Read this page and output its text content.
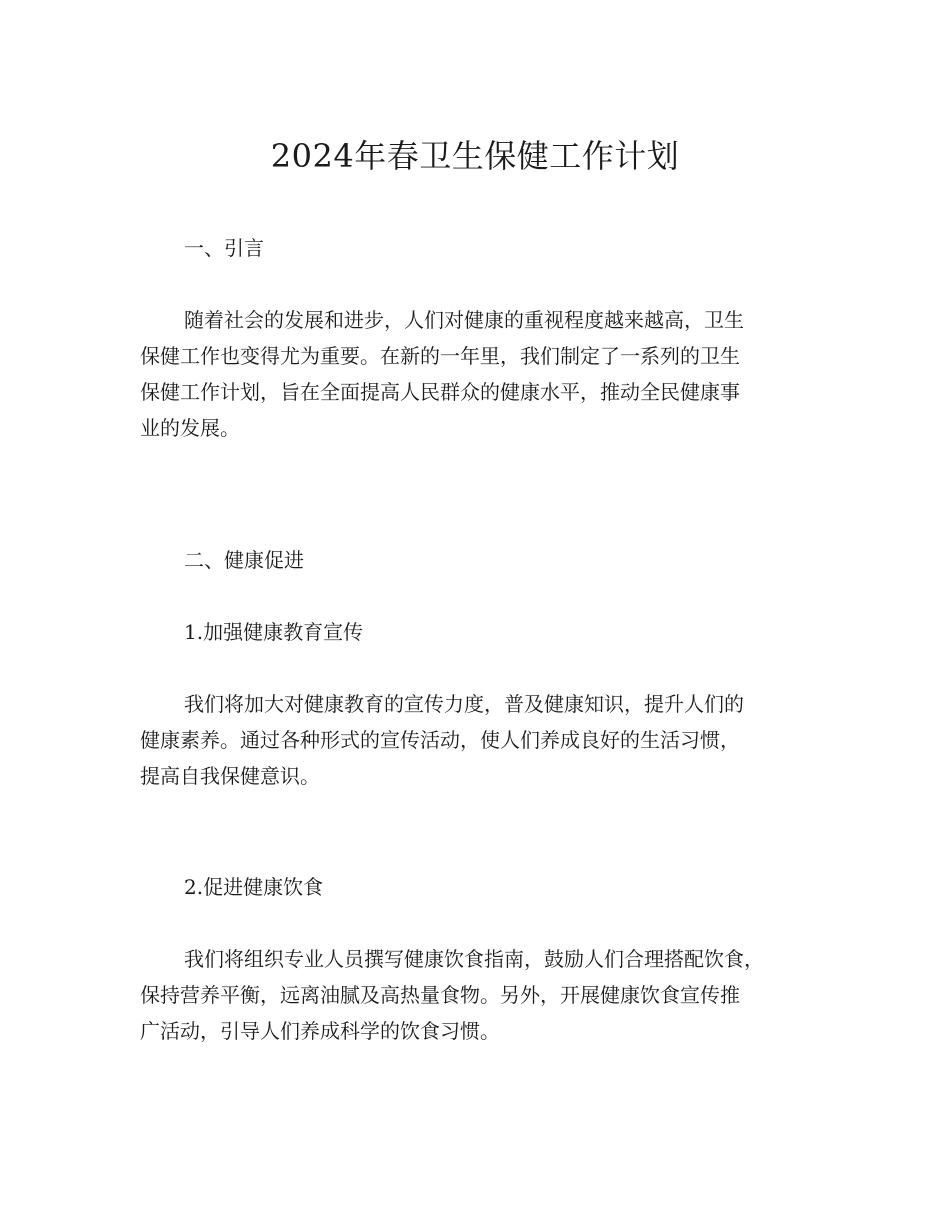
2024年春卫生保健工作计划
一、引言
随着社会的发展和进步，人们对健康的重视程度越来越高，卫生
保健工作也变得尤为重要。在新的一年里，我们制定了一系列的卫生
保健工作计划，旨在全面提高人民群众的健康水平，推动全民健康事
业的发展。
二、健康促进
1.加强健康教育宣传
我们将加大对健康教育的宣传力度，普及健康知识，提升人们的
健康素养。通过各种形式的宣传活动，使人们养成良好的生活习惯，
提高自我保健意识。
2.促进健康饮食
我们将组织专业人员撰写健康饮食指南，鼓励人们合理搭配饮食，
保持营养平衡，远离油腻及高热量食物。另外，开展健康饮食宣传推
广活动，引导人们养成科学的饮食习惯。
